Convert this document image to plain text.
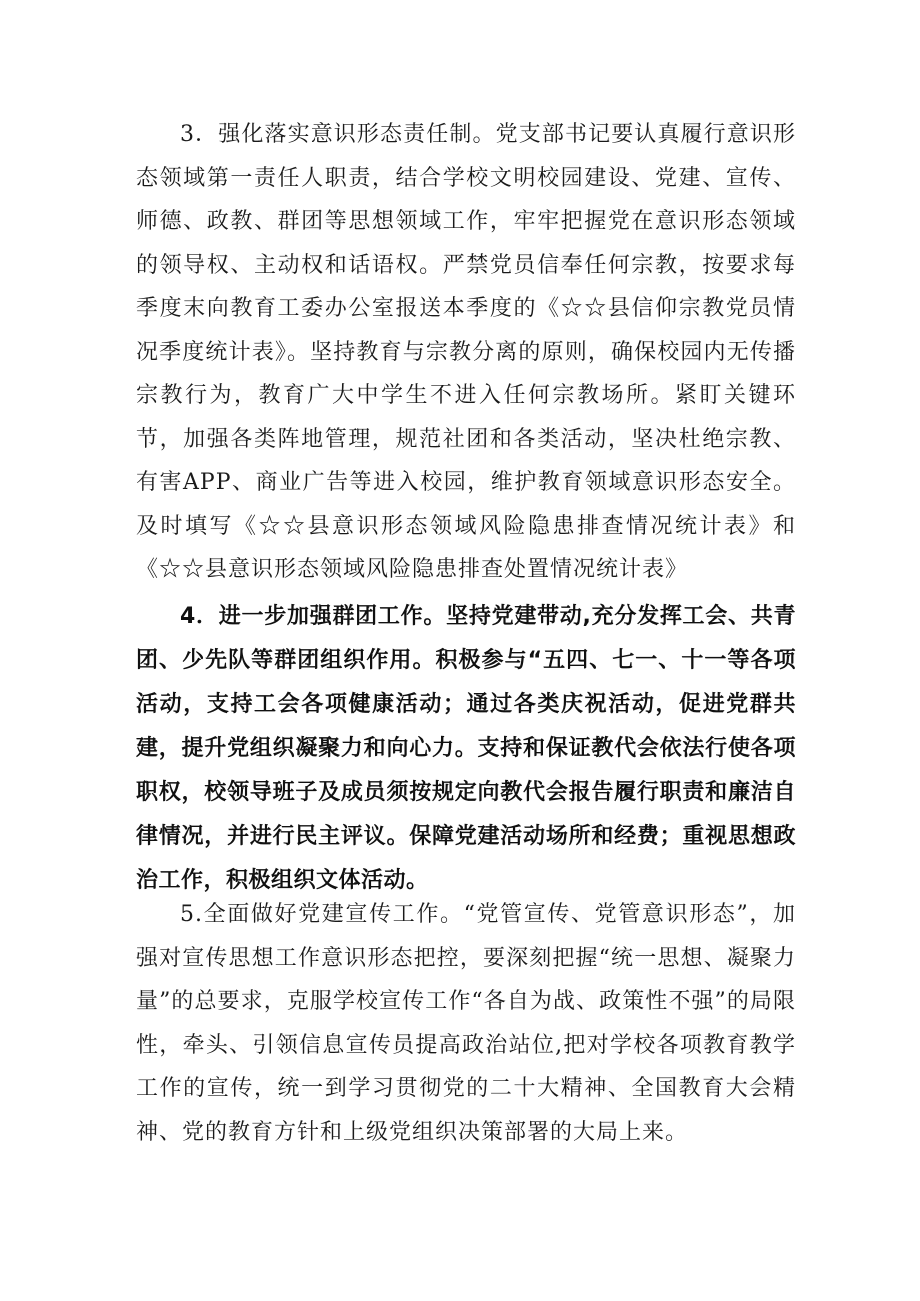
3．强化落实意识形态责任制。党支部书记要认真履行意识形态领域第一责任人职责，结合学校文明校园建设、党建、宣传、师德、政教、群团等思想领域工作，牢牢把握党在意识形态领域的领导权、主动权和话语权。严禁党员信奉任何宗教，按要求每季度末向教育工委办公室报送本季度的《☆☆县信仰宗教党员情况季度统计表》。坚持教育与宗教分离的原则，确保校园内无传播宗教行为，教育广大中学生不进入任何宗教场所。紧盯关键环节，加强各类阵地管理，规范社团和各类活动，坚决杜绝宗教、有害APP、商业广告等进入校园，维护教育领域意识形态安全。及时填写《☆☆县意识形态领域风险隐患排查情况统计表》和《☆☆县意识形态领域风险隐患排查处置情况统计表》

4．进一步加强群团工作。坚持党建带动,充分发挥工会、共青团、少先队等群团组织作用。积极参与“五四、七一、十一等各项活动，支持工会各项健康活动；通过各类庆祝活动，促进党群共建，提升党组织凝聚力和向心力。支持和保证教代会依法行使各项职权，校领导班子及成员须按规定向教代会报告履行职责和廉洁自律情况，并进行民主评议。保障党建活动场所和经费；重视思想政治工作，积极组织文体活动。

5.全面做好党建宣传工作。“党管宣传、党管意识形态”，加强对宣传思想工作意识形态把控，要深刻把握“统一思想、凝聚力量”的总要求，克服学校宣传工作“各自为战、政策性不强”的局限性，牵头、引领信息宣传员提高政治站位,把对学校各项教育教学工作的宣传，统一到学习贯彻党的二十大精神、全国教育大会精神、党的教育方针和上级党组织决策部署的大局上来。
